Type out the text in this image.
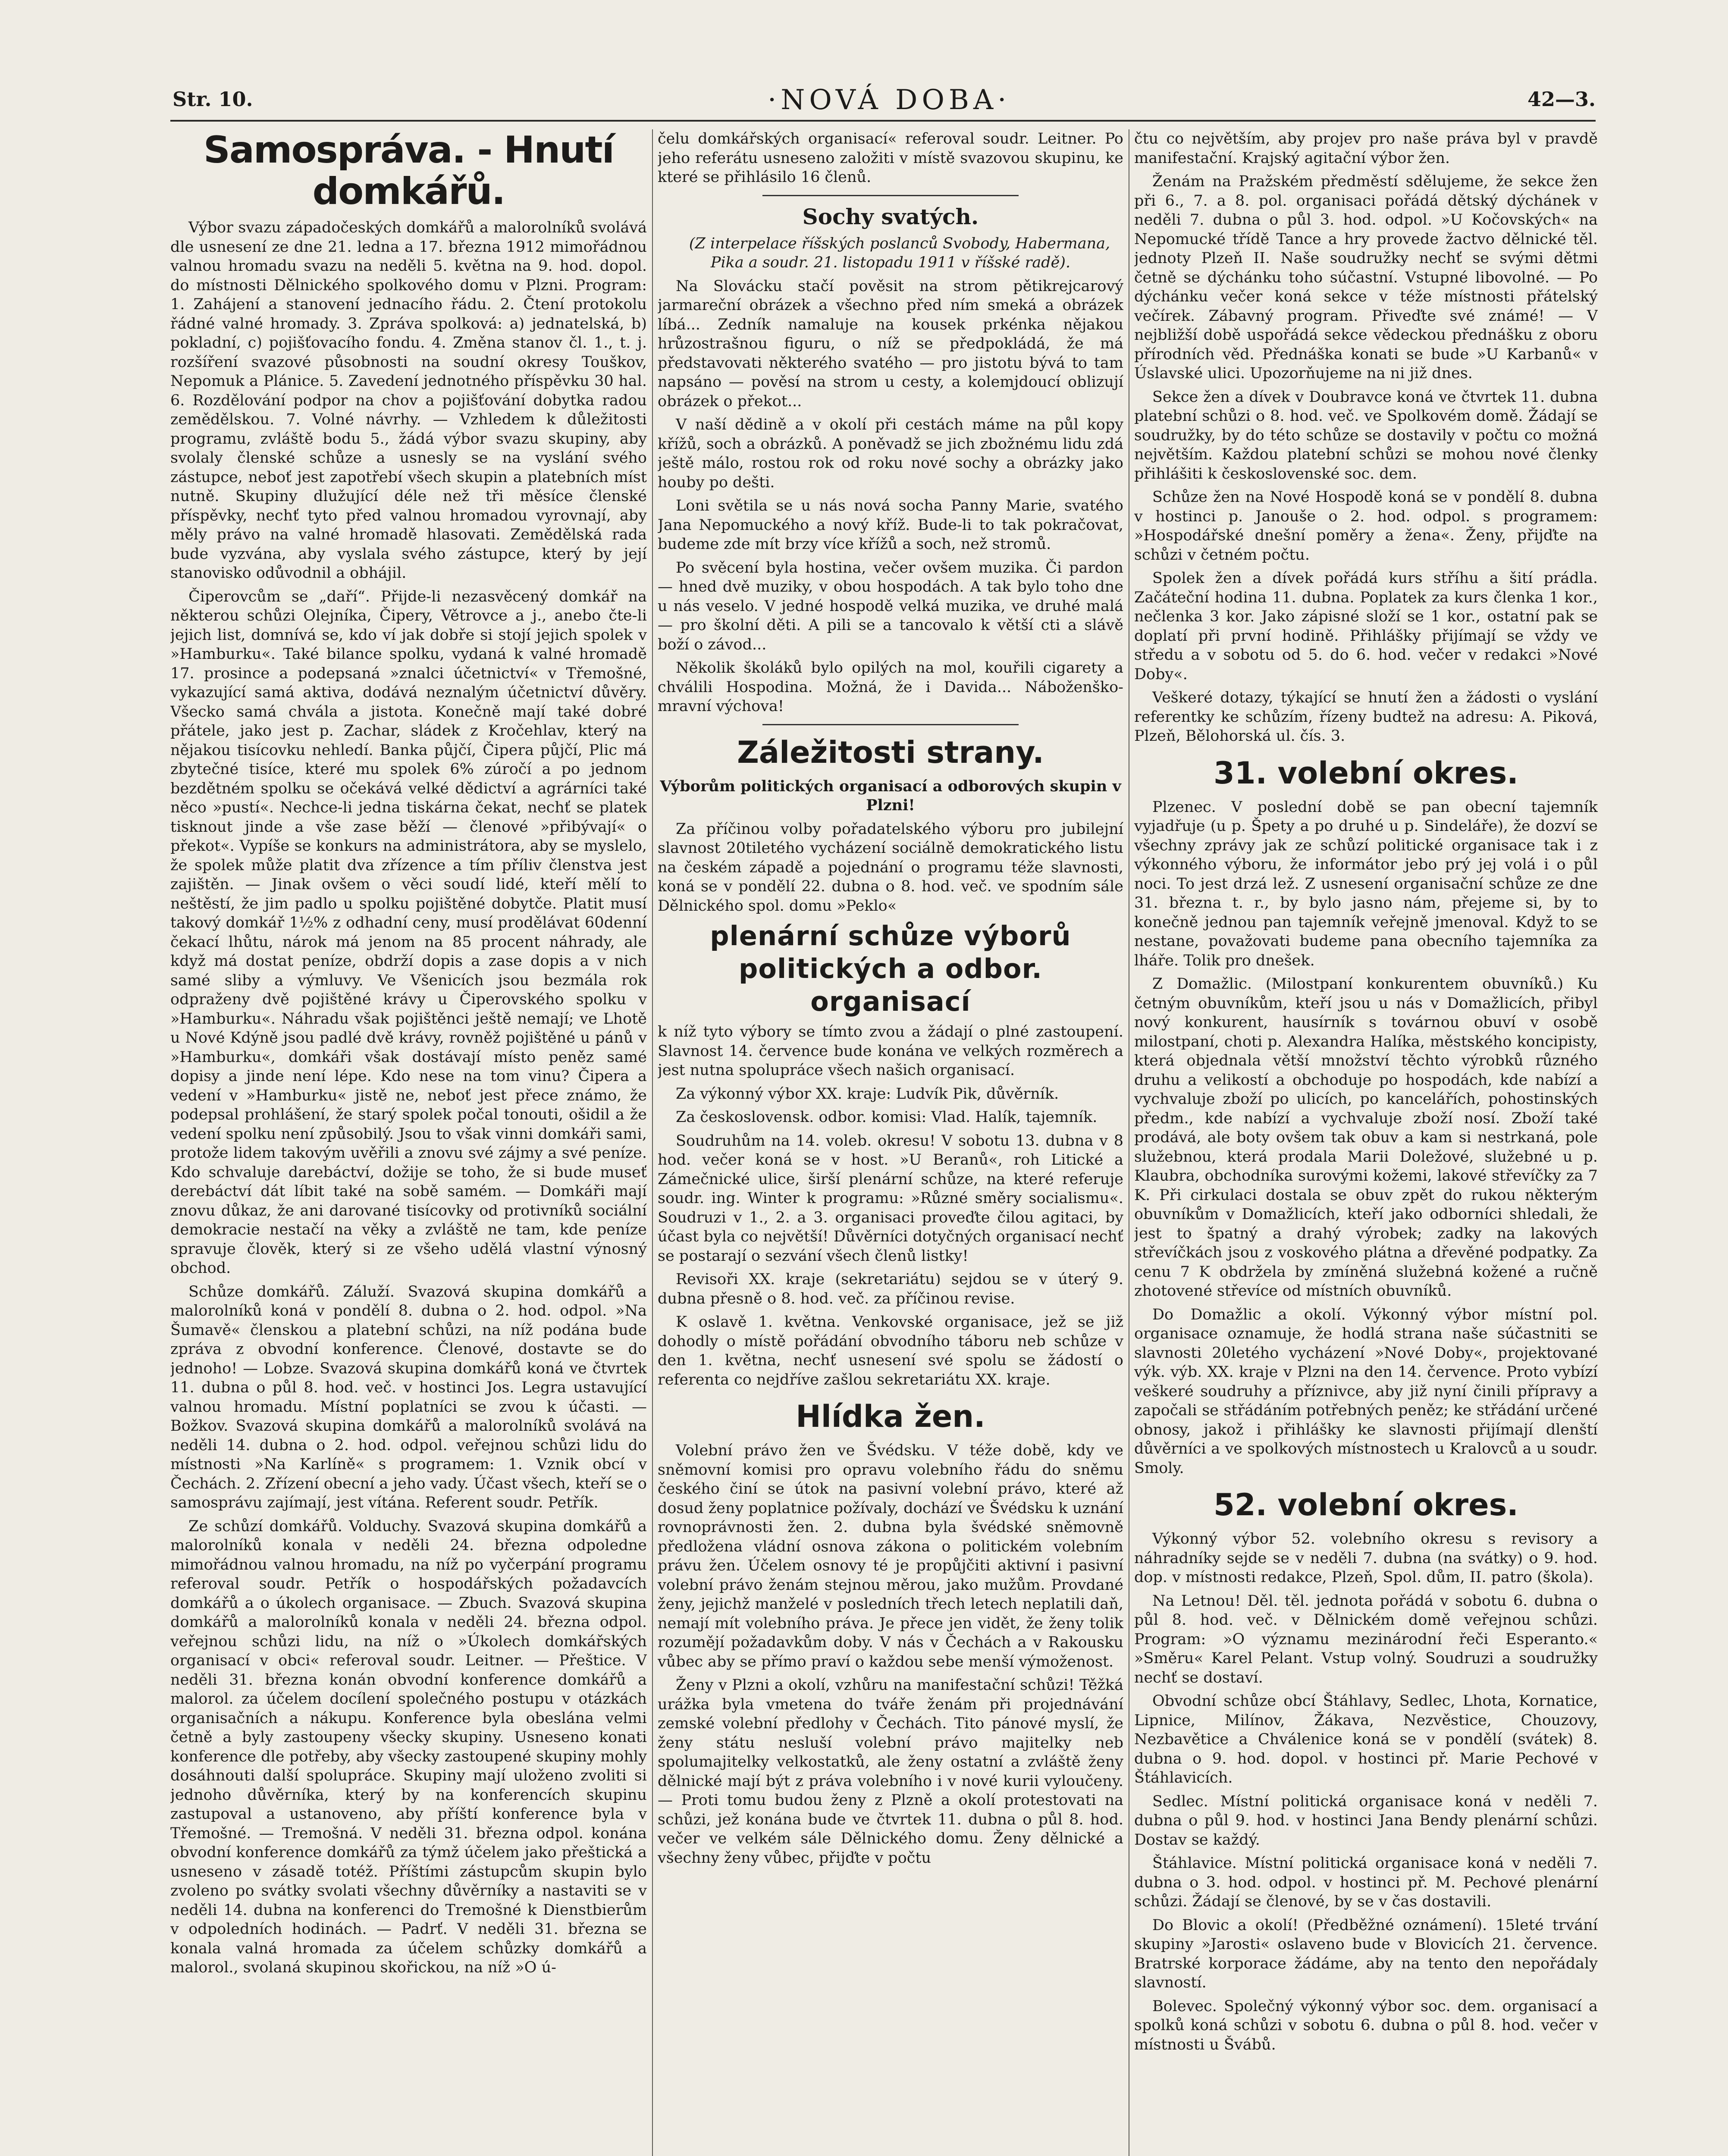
Str. 10.	·NOVÁ DOBA·	42—3.
Samospráva. - Hnutí domkářů.

Výbor svazu západočeských domkářů a malorolníků svolává dle usnesení ze dne 21. ledna a 17. března 1912 mimořádnou valnou hromadu svazu na neděli 5. května na 9. hod. dopol. do místnosti Dělnického spolkového domu v Plzni. Program: 1. Zahájení a stanovení jednacího řádu. 2. Čtení protokolu řádné valné hromady. 3. Zpráva spolková: a) jednatelská, b) pokladní, c) pojišťovacího fondu. 4. Změna stanov čl. 1., t. j. rozšíření svazové působnosti na soudní okresy Touškov, Nepomuk a Plánice. 5. Zavedení jednotného příspěvku 30 hal. 6. Rozdělování podpor na chov a pojišťování dobytka radou zemědělskou. 7. Volné návrhy. — Vzhledem k důležitosti programu, zvláště bodu 5., žádá výbor svazu skupiny, aby svolaly členské schůze a usnesly se na vyslání svého zástupce, neboť jest zapotřebí všech skupin a platebních míst nutně. Skupiny dlužující déle než tři měsíce členské příspěvky, nechť tyto před valnou hromadou vyrovnají, aby měly právo na valné hromadě hlasovati. Zemědělská rada bude vyzvána, aby vyslala svého zástupce, který by její stanovisko odůvodnil a obhájil.

Čiperovcům se „daří“. Přijde-li nezasvěcený domkář na některou schůzi Olejníka, Čipery, Větrovce a j., anebo čte-li jejich list, domnívá se, kdo ví jak dobře si stojí jejich spolek v »Hamburku«. Také bilance spolku, vydaná k valné hromadě 17. prosince a podepsaná »znalci účetnictví« v Třemošné, vykazující samá aktiva, dodává neznalým účetnictví důvěry. Všecko samá chvála a jistota. Konečně mají také dobré přátele, jako jest p. Zachar, sládek z Kročehlav, který na nějakou tisícovku nehledí. Banka půjčí, Čipera půjčí, Plic má zbytečné tisíce, které mu spolek 6% zúročí a po jednom bezdětném spolku se očekává velké dědictví a agrárníci také něco »pustí«. Nechce-li jedna tiskárna čekat, nechť se platek tisknout jinde a vše zase běží — členové »přibývají« o překot«. Vypíše se konkurs na administrátora, aby se myslelo, že spolek může platit dva zřízence a tím příliv členstva jest zajištěn. — Jinak ovšem o věci soudí lidé, kteří mělí to neštěstí, že jim padlo u spolku pojištěné dobytče. Platit musí takový domkář 1½% z odhadní ceny, musí prodělávat 60denní čekací lhůtu, nárok má jenom na 85 procent náhrady, ale když má dostat peníze, obdrží dopis a zase dopis a v nich samé sliby a výmluvy. Ve Všenicích jsou bezmála rok odpraženy dvě pojištěné krávy u Čiperovského spolku v »Hamburku«. Náhradu však pojištěnci ještě nemají; ve Lhotě u Nové Kdýně jsou padlé dvě krávy, rovněž pojištěné u pánů v »Hamburku«, domkáři však dostávají místo peněz samé dopisy a jinde není lépe. Kdo nese na tom vinu? Čipera a vedení v »Hamburku« jistě ne, neboť jest přece známo, že podepsal prohlášení, že starý spolek počal tonouti, ošidil a že vedení spolku není způsobilý. Jsou to však vinni domkáři sami, protože lidem takovým uvěřili a znovu své zájmy a své peníze. Kdo schvaluje darebáctví, dožije se toho, že si bude museť derebáctví dát líbit také na sobě samém. — Domkáři mají znovu důkaz, že ani darované tisícovky od protivníků sociální demokracie nestačí na věky a zvláště ne tam, kde peníze spravuje člověk, který si ze všeho udělá vlastní výnosný obchod.

Schůze domkářů. Záluží. Svazová skupina domkářů a malorolníků koná v pondělí 8. dubna o 2. hod. odpol. »Na Šumavě« členskou a platební schůzi, na níž podána bude zpráva z obvodní konference. Členové, dostavte se do jednoho! — Lobze. Svazová skupina domkářů koná ve čtvrtek 11. dubna o půl 8. hod. več. v hostinci Jos. Legra ustavující valnou hromadu. Místní poplatníci se zvou k účasti. — Božkov. Svazová skupina domkářů a malorolníků svolává na neděli 14. dubna o 2. hod. odpol. veřejnou schůzi lidu do místnosti »Na Karlíně« s programem: 1. Vznik obcí v Čechách. 2. Zřízení obecní a jeho vady. Účast všech, kteří se o samosprávu zajímají, jest vítána. Referent soudr. Petřík.

Ze schůzí domkářů. Volduchy. Svazová skupina domkářů a malorolníků konala v neděli 24. března odpoledne mimořádnou valnou hromadu, na níž po vyčerpání programu referoval soudr. Petřík o hospodářských požadavcích domkářů a o úkolech organisace. — Zbuch. Svazová skupina domkářů a malorolníků konala v neděli 24. března odpol. veřejnou schůzi lidu, na níž o »Úkolech domkářských organisací v obci« referoval soudr. Leitner. — Přeštice. V neděli 31. března konán obvodní konference domkářů a malorol. za účelem docílení společného postupu v otázkách organisačních a nákupu. Konference byla obeslána velmi četně a byly zastoupeny všecky skupiny. Usneseno konati konference dle potřeby, aby všecky zastoupené skupiny mohly dosáhnouti další spolupráce. Skupiny mají uloženo zvoliti si jednoho důvěrníka, který by na konferencích skupinu zastupoval a ustanoveno, aby příští konference byla v Třemošné. — Tremošná. V neděli 31. března odpol. konána obvodní konference domkářů za týmž účelem jako přeštická a usneseno v zásadě totéž. Příštími zástupcům skupin bylo zvoleno po svátky svolati všechny důvěrníky a nastaviti se v neděli 14. dubna na konferenci do Tremošné k Dienstbierům v odpoledních hodinách. — Padrť. V neděli 31. března se konala valná hromada za účelem schůzky domkářů a malorol., svolaná skupinou skořickou, na níž »O ú-

čelu domkářských organisací« referoval soudr. Leitner. Po jeho referátu usneseno založiti v místě svazovou skupinu, ke které se přihlásilo 16 členů.

Sochy svatých.

(Z interpelace říšských poslanců Svobody, Habermana, Pika a soudr. 21. listopadu 1911 v říšské radě).

Na Slovácku stačí pověsit na strom pětikrejcarový jarmareční obrázek a všechno před ním smeká a obrázek líbá... Zedník namaluje na kousek prkénka nějakou hrůzostrašnou figuru, o níž se předpokládá, že má představovati některého svatého — pro jistotu bývá to tam napsáno — pověsí na strom u cesty, a kolemjdoucí oblizují obrázek o překot...

V naší dědině a v okolí při cestách máme na půl kopy křížů, soch a obrázků. A poněvadž se jich zbožnému lidu zdá ještě málo, rostou rok od roku nové sochy a obrázky jako houby po dešti.

Loni světila se u nás nová socha Panny Marie, svatého Jana Nepomuckého a nový kříž. Bude-li to tak pokračovat, budeme zde mít brzy více křížů a soch, než stromů.

Po svěcení byla hostina, večer ovšem muzika. Či pardon — hned dvě muziky, v obou hospodách. A tak bylo toho dne u nás veselo. V jedné hospodě velká muzika, ve druhé malá — pro školní děti. A pili se a tancovalo k větší cti a slávě boží o závod...

Několik školáků bylo opilých na mol, kouřili cigarety a chválili Hospodina. Možná, že i Davida... Náboženško-mravní výchova!

Záležitosti strany.

Výborům politických organisací a odborových skupin v Plzni!

Za příčinou volby pořadatelského výboru pro jubilejní slavnost 20tiletého vycházení sociálně demokratického listu na českém západě a pojednání o programu téže slavnosti, koná se v pondělí 22. dubna o 8. hod. več. ve spodním sále Dělnického spol. domu »Peklo«

plenární schůze výborů politických a odbor. organisací

k níž tyto výbory se tímto zvou a žádají o plné zastoupení. Slavnost 14. července bude konána ve velkých rozměrech a jest nutna spolupráce všech našich organisací.

Za výkonný výbor XX. kraje: Ludvík Pik, důvěrník.

Za československ. odbor. komisi: Vlad. Halík, tajemník.

Soudruhům na 14. voleb. okresu! V sobotu 13. dubna v 8 hod. večer koná se v host. »U Beranů«, roh Litické a Zámečnické ulice, širší plenární schůze, na které referuje soudr. ing. Winter k programu: »Různé směry socialismu«. Soudruzi v 1., 2. a 3. organisaci proveďte čilou agitaci, by účast byla co největší! Důvěrníci dotyčných organisací nechť se postarají o sezvání všech členů listky!

Revisoři XX. kraje (sekretariátu) sejdou se v úterý 9. dubna přesně o 8. hod. več. za příčinou revise.

K oslavě 1. května. Venkovské organisace, jež se již dohodly o místě pořádání obvodního táboru neb schůze v den 1. května, nechť usnesení své spolu se žádostí o referenta co nejdříve zašlou sekretariátu XX. kraje.

Hlídka žen.

Volební právo žen ve Švédsku. V téže době, kdy ve sněmovní komisi pro opravu volebního řádu do sněmu českého činí se útok na pasivní volební právo, které až dosud ženy poplatnice požívaly, dochází ve Švédsku k uznání rovnoprávnosti žen. 2. dubna byla švédské sněmovně předložena vládní osnova zákona o politickém volebním právu žen. Účelem osnovy té je propůjčiti aktivní i pasivní volební právo ženám stejnou měrou, jako mužům. Provdané ženy, jejichž manželé v posledních třech letech neplatili daň, nemají mít volebního práva. Je přece jen vidět, že ženy tolik rozumějí požadavkům doby. V nás v Čechách a v Rakousku vůbec aby se přímo praví o každou sebe menší výmoženost.

Ženy v Plzni a okolí, vzhůru na manifestační schůzi! Těžká urážka byla vmetena do tváře ženám při projednávání zemské volební předlohy v Čechách. Tito pánové myslí, že ženy státu nesluší volební právo majitelky neb spolumajitelky velkostatků, ale ženy ostatní a zvláště ženy dělnické mají být z práva volebního i v nové kurii vyloučeny. — Proti tomu budou ženy z Plzně a okolí protestovati na schůzi, jež konána bude ve čtvrtek 11. dubna o půl 8. hod. večer ve velkém sále Dělnického domu. Ženy dělnické a všechny ženy vůbec, přijďte v počtu

čtu co největším, aby projev pro naše práva byl v pravdě manifestační. Krajský agitační výbor žen.

Ženám na Pražském předměstí sdělujeme, že sekce žen při 6., 7. a 8. pol. organisaci pořádá dětský dýchánek v neděli 7. dubna o půl 3. hod. odpol. »U Kočovských« na Nepomucké třídě Tance a hry provede žactvo dělnické těl. jednoty Plzeň II. Naše soudružky nechť se svými dětmi četně se dýchánku toho súčastní. Vstupné libovolné. — Po dýchánku večer koná sekce v téže místnosti přátelský večírek. Zábavný program. Přiveďte své známé! — V nejbližší době uspořádá sekce vědeckou přednášku z oboru přírodních věd. Přednáška konati se bude »U Karbanů« v Úslavské ulici. Upozorňujeme na ni již dnes.

Sekce žen a dívek v Doubravce koná ve čtvrtek 11. dubna platební schůzi o 8. hod. več. ve Spolkovém domě. Žádají se soudružky, by do této schůze se dostavily v počtu co možná největším. Každou platební schůzi se mohou nové členky přihlášiti k československé soc. dem.

Schůze žen na Nové Hospodě koná se v pondělí 8. dubna v hostinci p. Janouše o 2. hod. odpol. s programem: »Hospodářské dnešní poměry a žena«. Ženy, přijďte na schůzi v četném počtu.

Spolek žen a dívek pořádá kurs stříhu a šití prádla. Začáteční hodina 11. dubna. Poplatek za kurs členka 1 kor., nečlenka 3 kor. Jako zápisné složí se 1 kor., ostatní pak se doplatí při první hodině. Přihlášky přijímají se vždy ve středu a v sobotu od 5. do 6. hod. večer v redakci »Nové Doby«.

Veškeré dotazy, týkající se hnutí žen a žádosti o vyslání referentky ke schůzím, řízeny budtež na adresu: A. Piková, Plzeň, Bělohorská ul. čís. 3.

31. volební okres.

Plzenec. V poslední době se pan obecní tajemník vyjadřuje (u p. Špety a po druhé u p. Sindeláře), že dozví se všechny zprávy jak ze schůzí politické organisace tak i z výkonného výboru, že informátor jebo prý jej volá i o půl noci. To jest drzá lež. Z usnesení organisační schůze ze dne 31. března t. r., by bylo jasno nám, přejeme si, by to konečně jednou pan tajemník veřejně jmenoval. Když to se nestane, považovati budeme pana obecního tajemníka za lháře. Tolik pro dnešek.

Z Domažlic. (Milostpaní konkurentem obuvníků.) Ku četným obuvníkům, kteří jsou u nás v Domažlicích, přibyl nový konkurent, hausírník s továrnou obuví v osobě milostpaní, choti p. Alexandra Halíka, městského koncipisty, která objednala větší množství těchto výrobků různého druhu a velikostí a obchoduje po hospodách, kde nabízí a vychvaluje zboží po ulicích, po kancelářích, pohostinských předm., kde nabízí a vychvaluje zboží nosí. Zboží také prodává, ale boty ovšem tak obuv a kam si nestrkaná, pole služebnou, která prodala Marii Doležové, služebné u p. Klaubra, obchodníka surovými kožemi, lakové střevíčky za 7 K. Při cirkulaci dostala se obuv zpět do rukou některým obuvníkům v Domažlicích, kteří jako odborníci shledali, že jest to špatný a drahý výrobek; zadky na lakových střevíčkách jsou z voskového plátna a dřevěné podpatky. Za cenu 7 K obdržela by zmíněná služebná kožené a ručně zhotovené střevíce od místních obuvníků.

Do Domažlic a okolí. Výkonný výbor místní pol. organisace oznamuje, že hodlá strana naše súčastniti se slavnosti 20letého vycházení »Nové Doby«, projektované výk. výb. XX. kraje v Plzni na den 14. července. Proto vybízí veškeré soudruhy a příznivce, aby již nyní činili přípravy a započali se střádáním potřebných peněz; ke střádání určené obnosy, jakož i přihlášky ke slavnosti přijímají dlenští důvěrníci a ve spolkových místnostech u Kralovců a u soudr. Smoly.

52. volební okres.

Výkonný výbor 52. volebního okresu s revisory a náhradníky sejde se v neděli 7. dubna (na svátky) o 9. hod. dop. v místnosti redakce, Plzeň, Spol. dům, II. patro (škola).

Na Letnou! Děl. těl. jednota pořádá v sobotu 6. dubna o půl 8. hod. več. v Dělnickém domě veřejnou schůzi. Program: »O významu mezinárodní řeči Esperanto.« »Směru« Karel Pelant. Vstup volný. Soudruzi a soudružky nechť se dostaví.

Obvodní schůze obcí Štáhlavy, Sedlec, Lhota, Kornatice, Lipnice, Milínov, Žákava, Nezvěstice, Chouzovy, Nezbavětice a Chválenice koná se v pondělí (svátek) 8. dubna o 9. hod. dopol. v hostinci př. Marie Pechové v Štáhlavicích.

Sedlec. Místní politická organisace koná v neděli 7. dubna o půl 9. hod. v hostinci Jana Bendy plenární schůzi. Dostav se každý.

Štáhlavice. Místní politická organisace koná v neděli 7. dubna o 3. hod. odpol. v hostinci př. M. Pechové plenární schůzi. Žádají se členové, by se v čas dostavili.

Do Blovic a okolí! (Předběžné oznámení). 15leté trvání skupiny »Jarosti« oslaveno bude v Blovicích 21. července. Bratrské korporace žádáme, aby na tento den nepořádaly slavností.

Bolevec. Společný výkonný výbor soc. dem. organisací a spolků koná schůzi v sobotu 6. dubna o půl 8. hod. večer v místnosti u Švábů.
